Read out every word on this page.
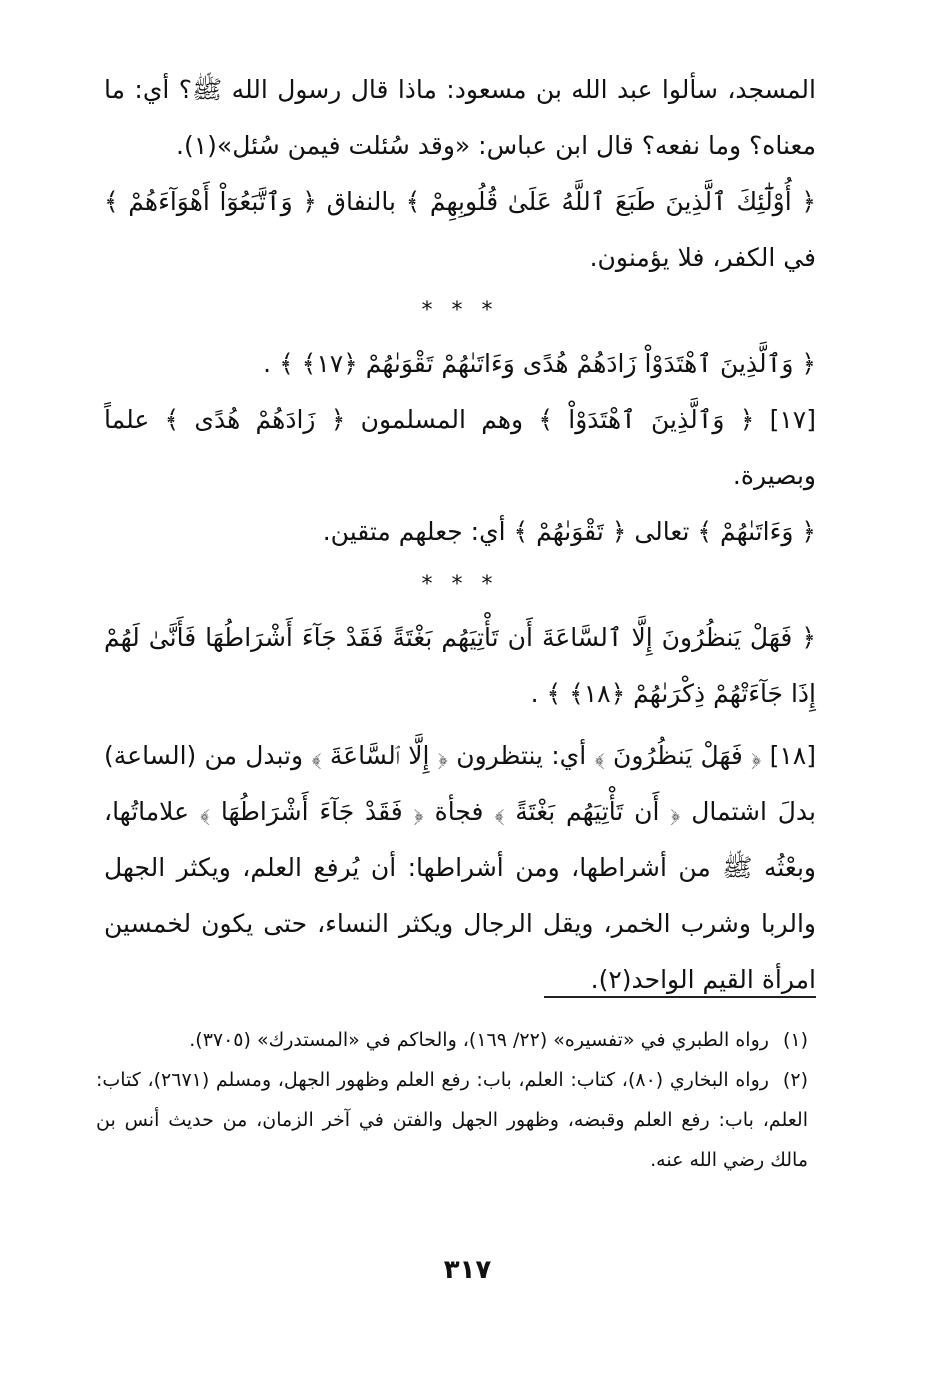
المسجد، سألوا عبد الله بن مسعود: ماذا قال رسول الله ﷺ؟ أي: ما معناه؟ وما نفعه؟ قال ابن عباس: «وقد سُئلت فيمن سُئل»(١).

﴿ أُوْلَٰٓئِكَ ٱلَّذِينَ طَبَعَ ٱللَّهُ عَلَىٰ قُلُوبِهِمْ ﴾ بالنفاق ﴿ وَٱتَّبَعُوٓاْ أَهْوَآءَهُمْ ﴾ في الكفر، فلا يؤمنون.

* * *

﴿ وَٱلَّذِينَ ٱهْتَدَوْاْ زَادَهُمْ هُدًى وَءَاتَىٰهُمْ تَقْوَىٰهُمْ ﴿١٧﴾ ﴾ .

[١٧] ﴿ وَٱلَّذِينَ ٱهْتَدَوْاْ ﴾ وهم المسلمون ﴿ زَادَهُمْ هُدًى ﴾ علماً وبصيرة.

﴿ وَءَاتَىٰهُمْ ﴾ تعالى ﴿ تَقْوَىٰهُمْ ﴾ أي: جعلهم متقين.

* * *

﴿ فَهَلْ يَنظُرُونَ إِلَّا ٱلسَّاعَةَ أَن تَأْتِيَهُم بَغْتَةً فَقَدْ جَآءَ أَشْرَاطُهَا فَأَنَّىٰ لَهُمْ إِذَا جَآءَتْهُمْ ذِكْرَىٰهُمْ ﴿١٨﴾ ﴾ .

[١٨] ﴿ فَهَلْ يَنظُرُونَ ﴾ أي: ينتظرون ﴿ إِلَّا ٱلسَّاعَةَ ﴾ وتبدل من (الساعة) بدلَ اشتمال ﴿ أَن تَأْتِيَهُم بَغْتَةً ﴾ فجأة ﴿ فَقَدْ جَآءَ أَشْرَاطُهَا ﴾ علاماتُها، وبعْثُه ﷺ من أشراطها، ومن أشراطها: أن يُرفع العلم، ويكثر الجهل والربا وشرب الخمر، ويقل الرجال ويكثر النساء، حتى يكون لخمسين امرأة القيم الواحد(٢).

(١)رواه الطبري في «تفسيره» (٢٢/ ١٦٩)، والحاكم في «المستدرك» (٣٧٠٥).

(٢)رواه البخاري (٨٠)، كتاب: العلم، باب: رفع العلم وظهور الجهل، ومسلم (٢٦٧١)، كتاب: العلم، باب: رفع العلم وقبضه، وظهور الجهل والفتن في آخر الزمان، من حديث أنس بن مالك رضي الله عنه.

٣١٧
